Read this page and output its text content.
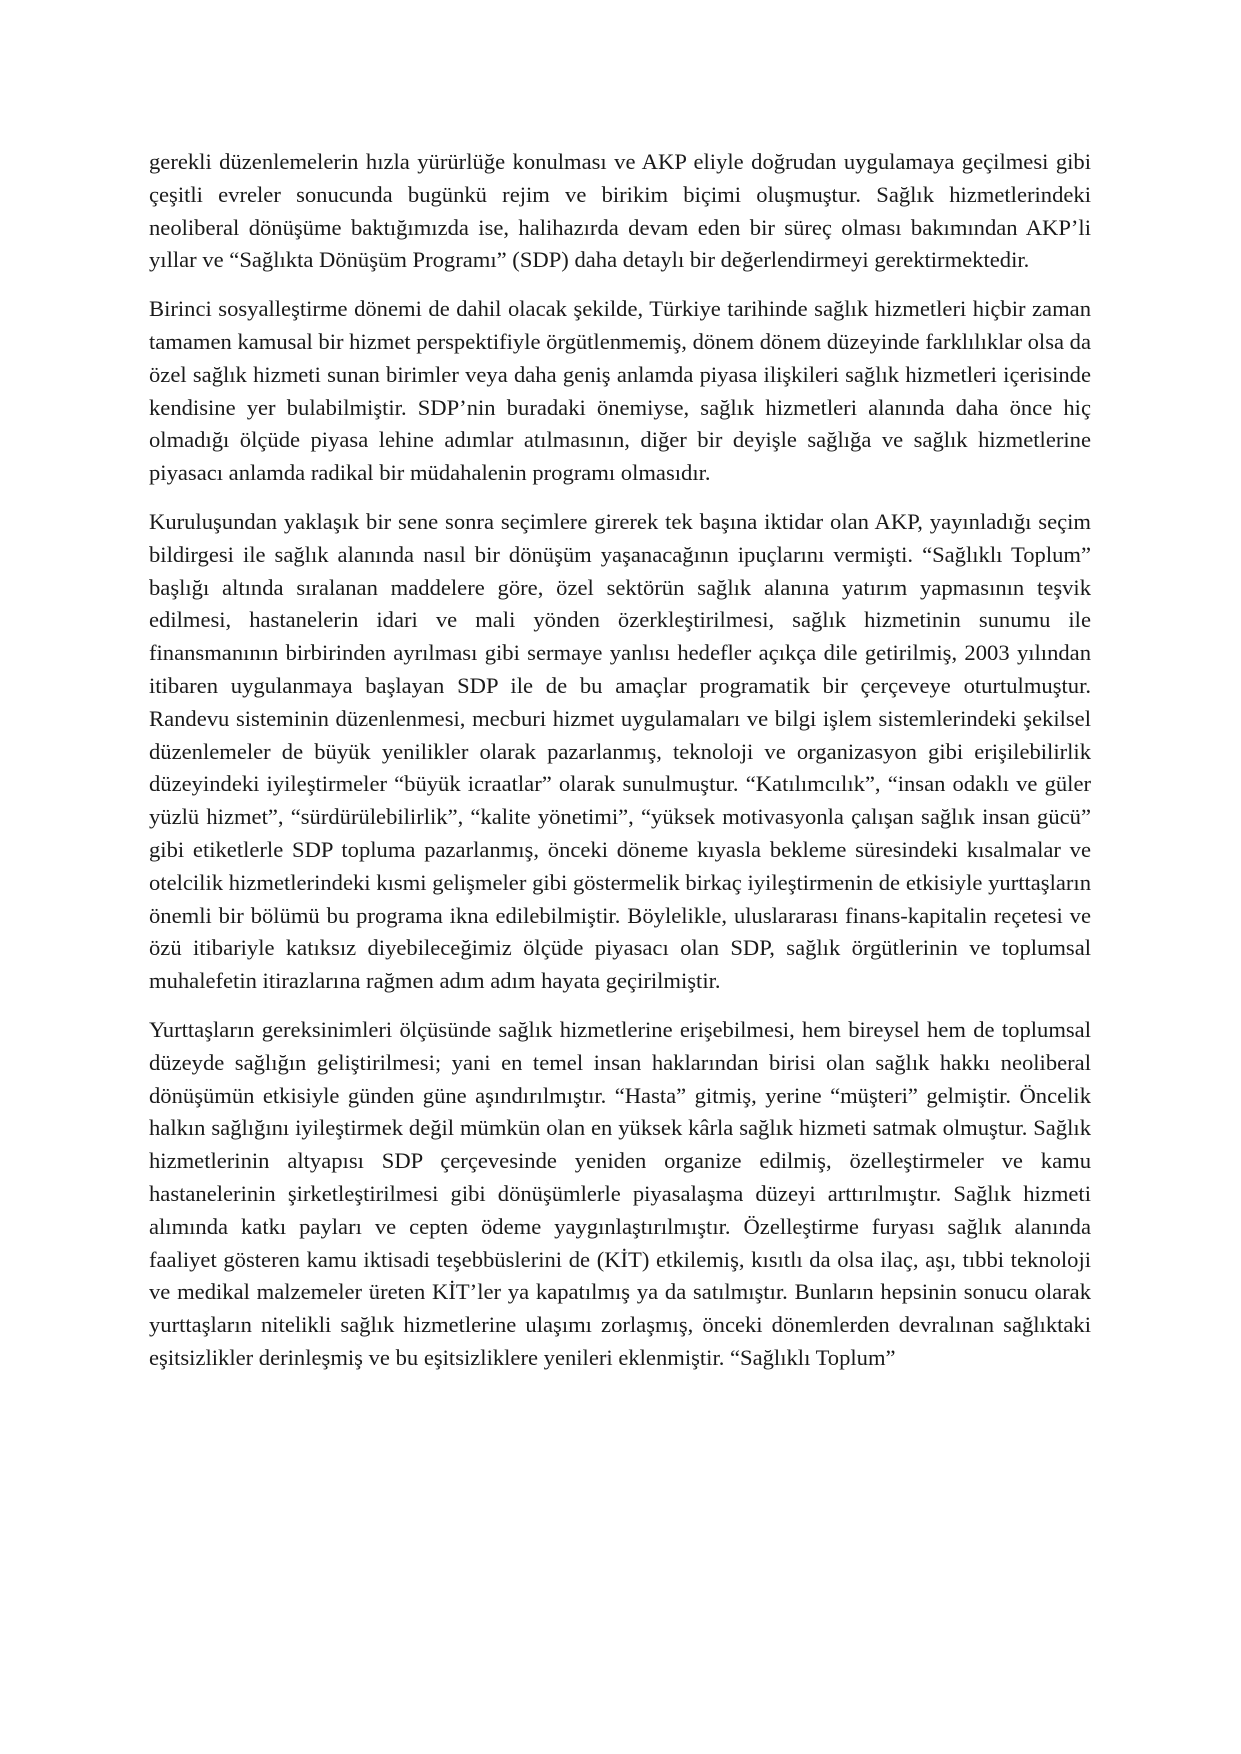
gerekli düzenlemelerin hızla yürürlüğe konulması ve AKP eliyle doğrudan uygulamaya geçilmesi gibi çeşitli evreler sonucunda bugünkü rejim ve birikim biçimi oluşmuştur. Sağlık hizmetlerindeki neoliberal dönüşüme baktığımızda ise, halihazırda devam eden bir süreç olması bakımından AKP’li yıllar ve “Sağlıkta Dönüşüm Programı” (SDP) daha detaylı bir değerlendirmeyi gerektirmektedir.

Birinci sosyalleştirme dönemi de dahil olacak şekilde, Türkiye tarihinde sağlık hizmetleri hiçbir zaman tamamen kamusal bir hizmet perspektifiyle örgütlenmemiş, dönem dönem düzeyinde farklılıklar olsa da özel sağlık hizmeti sunan birimler veya daha geniş anlamda piyasa ilişkileri sağlık hizmetleri içerisinde kendisine yer bulabilmiştir. SDP’nin buradaki önemiyse, sağlık hizmetleri alanında daha önce hiç olmadığı ölçüde piyasa lehine adımlar atılmasının, diğer bir deyişle sağlığa ve sağlık hizmetlerine piyasacı anlamda radikal bir müdahalenin programı olmasıdır.

Kuruluşundan yaklaşık bir sene sonra seçimlere girerek tek başına iktidar olan AKP, yayınladığı seçim bildirgesi ile sağlık alanında nasıl bir dönüşüm yaşanacağının ipuçlarını vermişti. “Sağlıklı Toplum” başlığı altında sıralanan maddelere göre, özel sektörün sağlık alanına yatırım yapmasının teşvik edilmesi, hastanelerin idari ve mali yönden özerkleştirilmesi, sağlık hizmetinin sunumu ile finansmanının birbirinden ayrılması gibi sermaye yanlısı hedefler açıkça dile getirilmiş, 2003 yılından itibaren uygulanmaya başlayan SDP ile de bu amaçlar programatik bir çerçeveye oturtulmuştur. Randevu sisteminin düzenlenmesi, mecburi hizmet uygulamaları ve bilgi işlem sistemlerindeki şekilsel düzenlemeler de büyük yenilikler olarak pazarlanmış, teknoloji ve organizasyon gibi erişilebilirlik düzeyindeki iyileştirmeler “büyük icraatlar” olarak sunulmuştur. “Katılımcılık”, “insan odaklı ve güler yüzlü hizmet”, “sürdürülebilirlik”, “kalite yönetimi”, “yüksek motivasyonla çalışan sağlık insan gücü” gibi etiketlerle SDP topluma pazarlanmış, önceki döneme kıyasla bekleme süresindeki kısalmalar ve otelcilik hizmetlerindeki kısmi gelişmeler gibi göstermelik birkaç iyileştirmenin de etkisiyle yurttaşların önemli bir bölümü bu programa ikna edilebilmiştir. Böylelikle, uluslararası finans-kapitalin reçetesi ve özü itibariyle katıksız diyebileceğimiz ölçüde piyasacı olan SDP, sağlık örgütlerinin ve toplumsal muhalefetin itirazlarına rağmen adım adım hayata geçirilmiştir.

Yurttaşların gereksinimleri ölçüsünde sağlık hizmetlerine erişebilmesi, hem bireysel hem de toplumsal düzeyde sağlığın geliştirilmesi; yani en temel insan haklarından birisi olan sağlık hakkı neoliberal dönüşümün etkisiyle günden güne aşındırılmıştır. “Hasta” gitmiş, yerine “müşteri” gelmiştir. Öncelik halkın sağlığını iyileştirmek değil mümkün olan en yüksek kârla sağlık hizmeti satmak olmuştur. Sağlık hizmetlerinin altyapısı SDP çerçevesinde yeniden organize edilmiş, özelleştirmeler ve kamu hastanelerinin şirketleştirilmesi gibi dönüşümlerle piyasalaşma düzeyi arttırılmıştır. Sağlık hizmeti alımında katkı payları ve cepten ödeme yaygınlaştırılmıştır. Özelleştirme furyası sağlık alanında faaliyet gösteren kamu iktisadi teşebbüslerini de (KİT) etkilemiş, kısıtlı da olsa ilaç, aşı, tıbbi teknoloji ve medikal malzemeler üreten KİT’ler ya kapatılmış ya da satılmıştır. Bunların hepsinin sonucu olarak yurttaşların nitelikli sağlık hizmetlerine ulaşımı zorlaşmış, önceki dönemlerden devralınan sağlıktaki eşitsizlikler derinleşmiş ve bu eşitsizliklere yenileri eklenmiştir. “Sağlıklı Toplum”
